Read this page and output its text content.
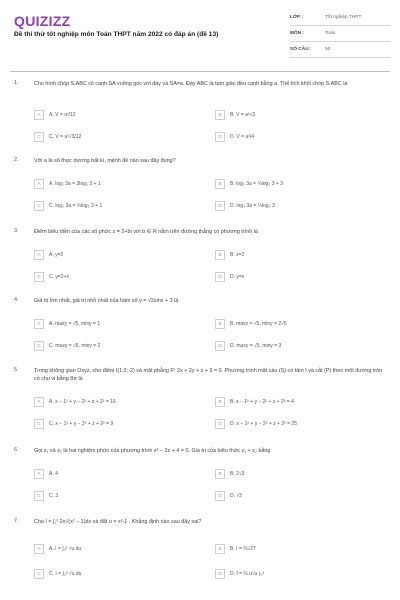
QUIZIZZ
Đề thi thử tốt nghiệp môn Toán THPT năm 2022 có đáp án (đề 13)
LỚP :	Tốt nghiệp THPT
MÔN :	Toán
SỐ CÂU :	50
1.	Cho hình chóp S.ABC có cạnh SA vuông góc với đáy và SA=a. Đáy ABC là tam giác đều cạnh bằng a. Thể tích khối chóp S.ABC là
A	A. V = a³/12	B	B. V = a³√3
C	C. V = a³√3/12	D	D. V = a³/4
2.	Với a là số thực dương bất kì, mệnh đề nào sau đây đúng?
A	A. log₃ 3a = 3log₃ 3 + 1	B	B. log₃ 3a = ⅓log₃ 3 + 3
C	C. log₃ 3a = ⅓log₃ 3 + 1	D	D. log₃ 3a = ⅓log₃ 3
3.	Điểm biểu diễn của các số phức z = 2+bi với b ∈ R nằm trên đường thẳng có phương trình là
A	A. y=2	B	B. x=2
C	C. y=2+x	D	D. y=x
4.	Giá trị lớn nhất, giá trị nhỏ nhất của hàm số y = √2sinx + 3 là
A	A. maxy = √5, miny = 1	B	B. maxy = √5, miny = 2√5
C	C. maxy = √5, miny = 2	D	D. maxy = √5, miny = 3
5.	Trong không gian Oxyz, cho điểm I(1;2;-2) và mặt phẳng P: 2x + 2y + z + 5 = 0. Phương trình mặt cầu (S) có tâm I và cắt (P) theo một đường tròn có chu vi bằng 8π là
A	A. x − 1² + y − 2² + z + 2² = 16	B	B. x − 1² + y − 2² + z + 2² = 4
C	C. x − 1² + y − 2² + z + 2² = 9	D	D. x − 1² + y − 2² + z + 2² = 25
6.	Gọi z₁ và z₂ là hai nghiệm phức của phương trình z² − 2z + 4 = 0. Giá trị của biểu thức z₁ + z₂ bằng
A	A. 4	B	B. 2√3
C	C. 3	D	D. √3
7.	Cho I = ∫₁² 2x√(x² − 1)dx và đặt u = x²-1 . Khẳng định nào sau đây sai?
A	A. I = ∫₀³ √u du	B	B. I = ⅔√27
C	C. I = ∫₀³ √u du	D	D. I = ⅔ u√u |₀³
